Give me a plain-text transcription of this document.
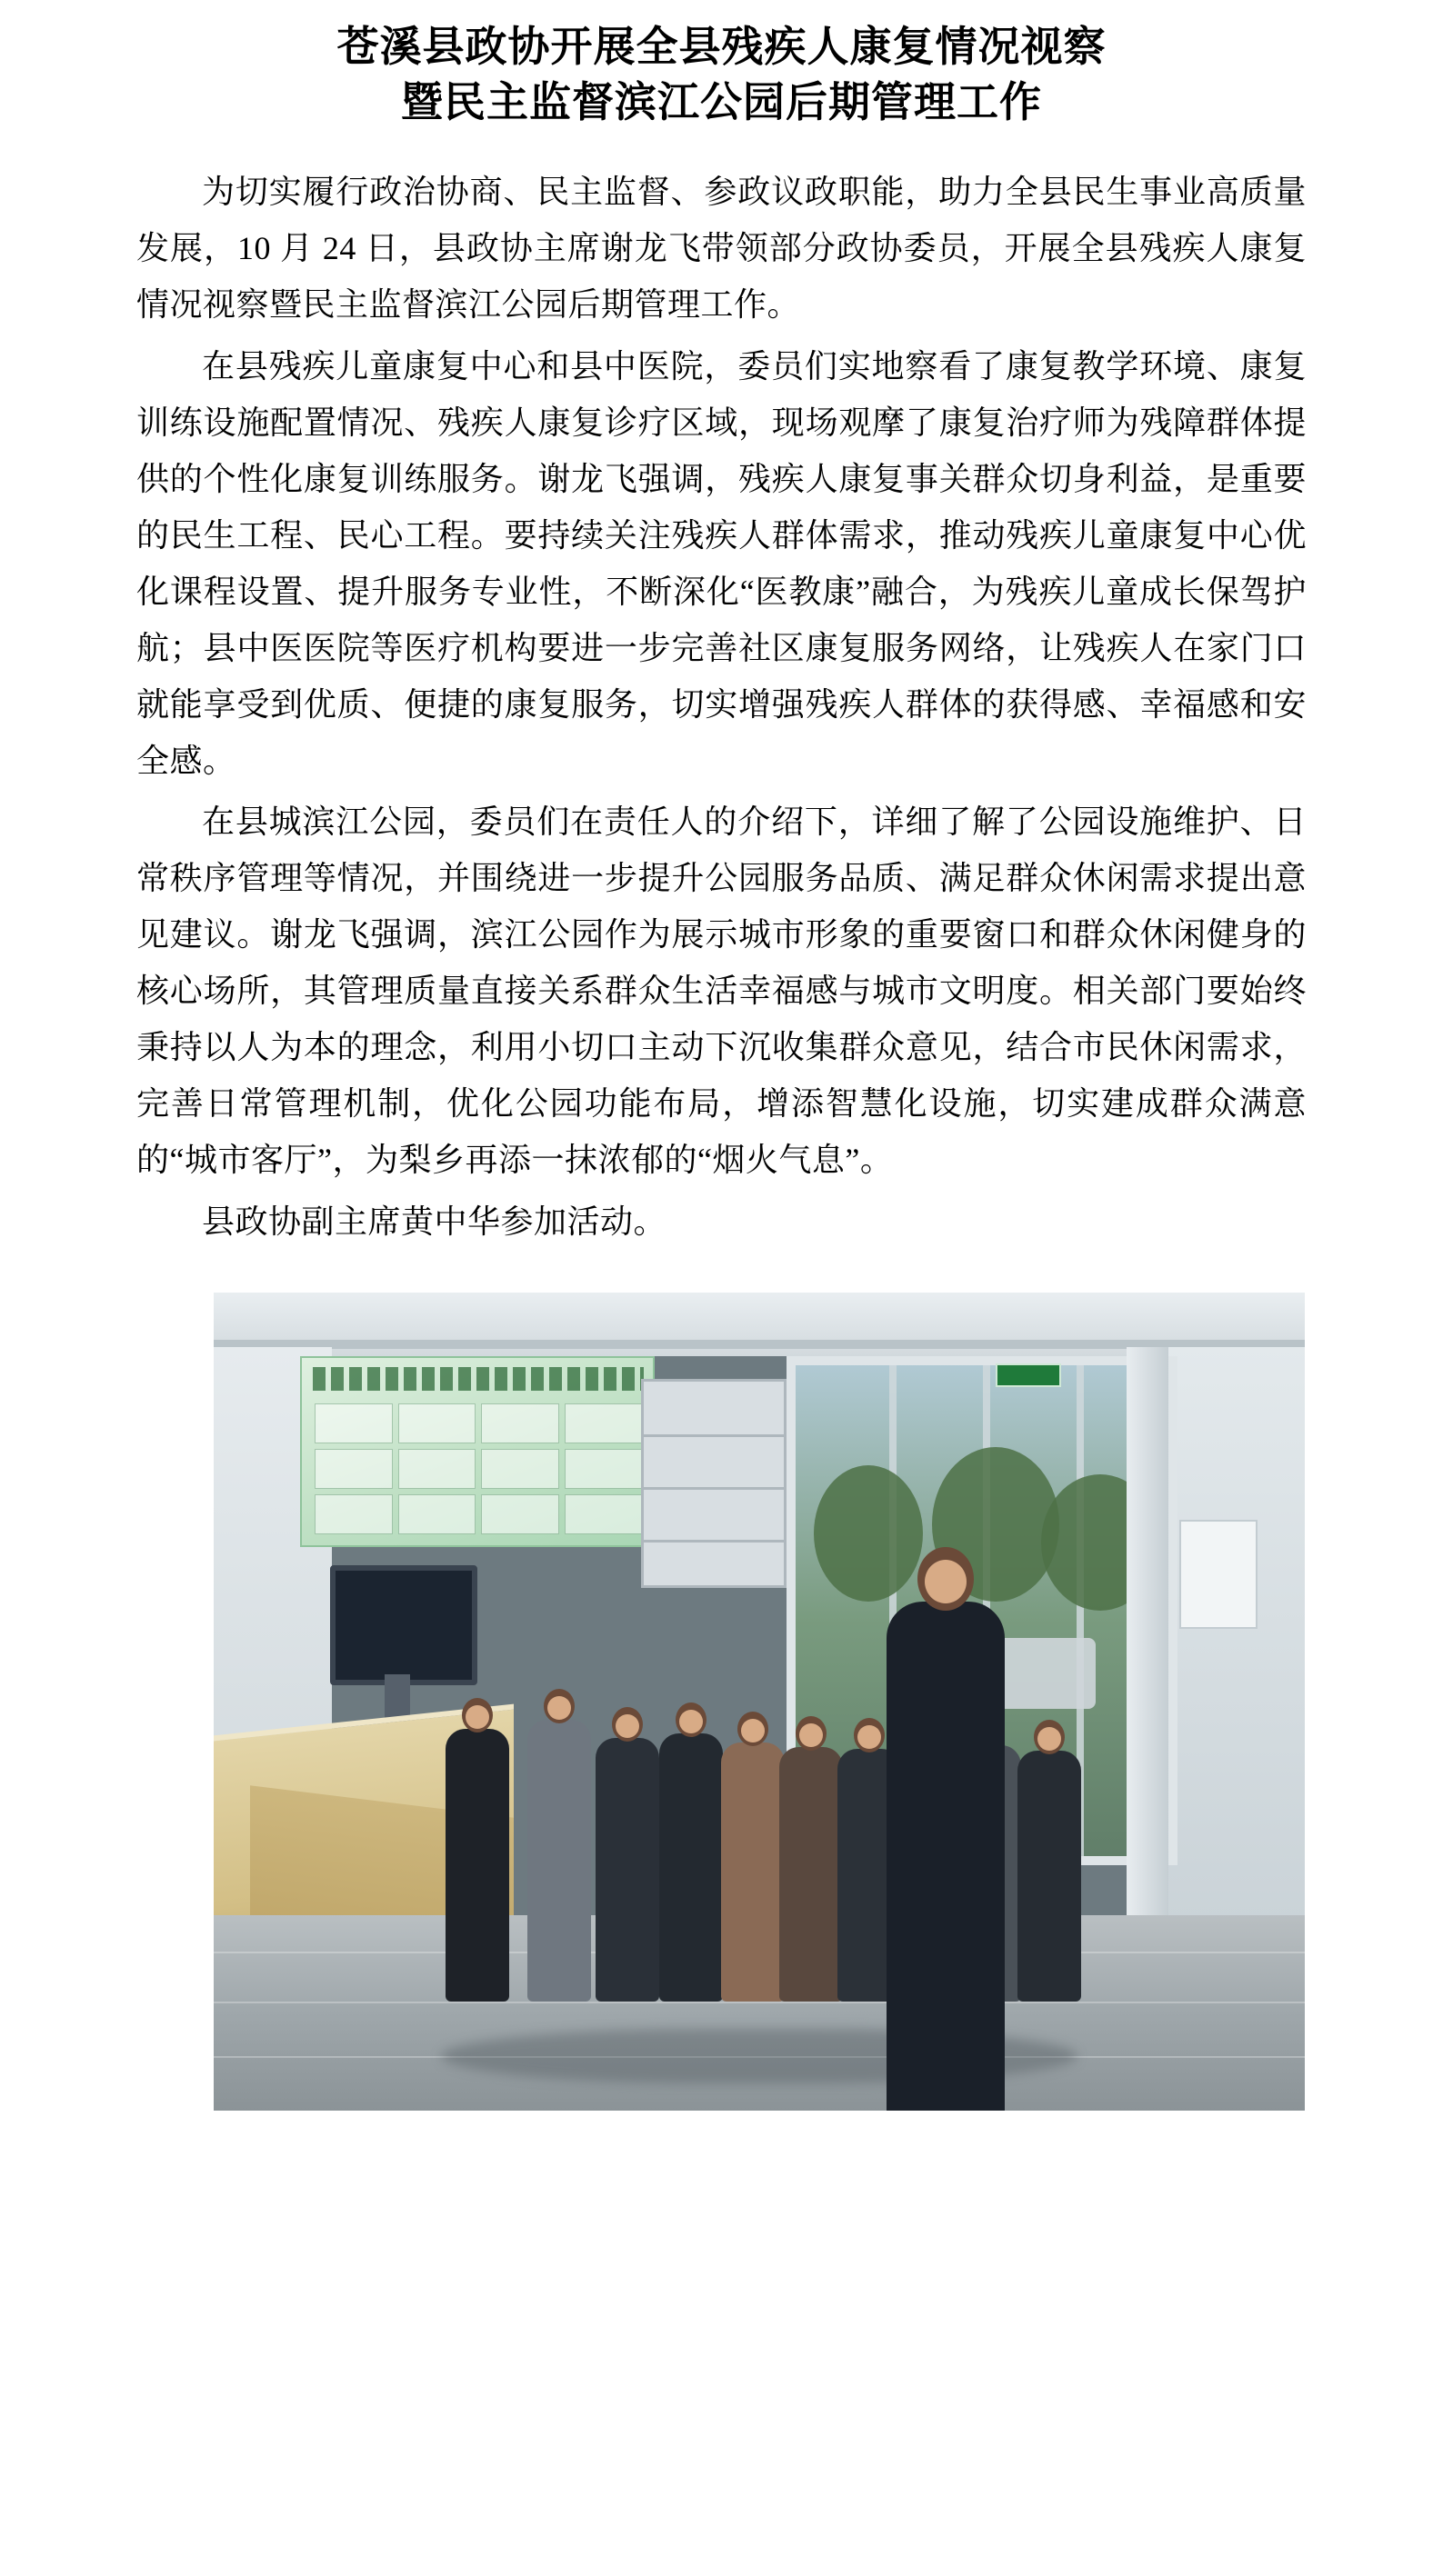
苍溪县政协开展全县残疾人康复情况视察
暨民主监督滨江公园后期管理工作

为切实履行政治协商、民主监督、参政议政职能，助力全县民生事业高质量发展，10 月 24 日，县政协主席谢龙飞带领部分政协委员，开展全县残疾人康复情况视察暨民主监督滨江公园后期管理工作。

在县残疾儿童康复中心和县中医院，委员们实地察看了康复教学环境、康复训练设施配置情况、残疾人康复诊疗区域，现场观摩了康复治疗师为残障群体提供的个性化康复训练服务。谢龙飞强调，残疾人康复事关群众切身利益，是重要的民生工程、民心工程。要持续关注残疾人群体需求，推动残疾儿童康复中心优化课程设置、提升服务专业性，不断深化“医教康”融合，为残疾儿童成长保驾护航；县中医医院等医疗机构要进一步完善社区康复服务网络，让残疾人在家门口就能享受到优质、便捷的康复服务，切实增强残疾人群体的获得感、幸福感和安全感。

在县城滨江公园，委员们在责任人的介绍下，详细了解了公园设施维护、日常秩序管理等情况，并围绕进一步提升公园服务品质、满足群众休闲需求提出意见建议。谢龙飞强调，滨江公园作为展示城市形象的重要窗口和群众休闲健身的核心场所，其管理质量直接关系群众生活幸福感与城市文明度。相关部门要始终秉持以人为本的理念，利用小切口主动下沉收集群众意见，结合市民休闲需求，完善日常管理机制，优化公园功能布局，增添智慧化设施，切实建成群众满意的“城市客厅”，为梨乡再添一抹浓郁的“烟火气息”。

县政协副主席黄中华参加活动。
